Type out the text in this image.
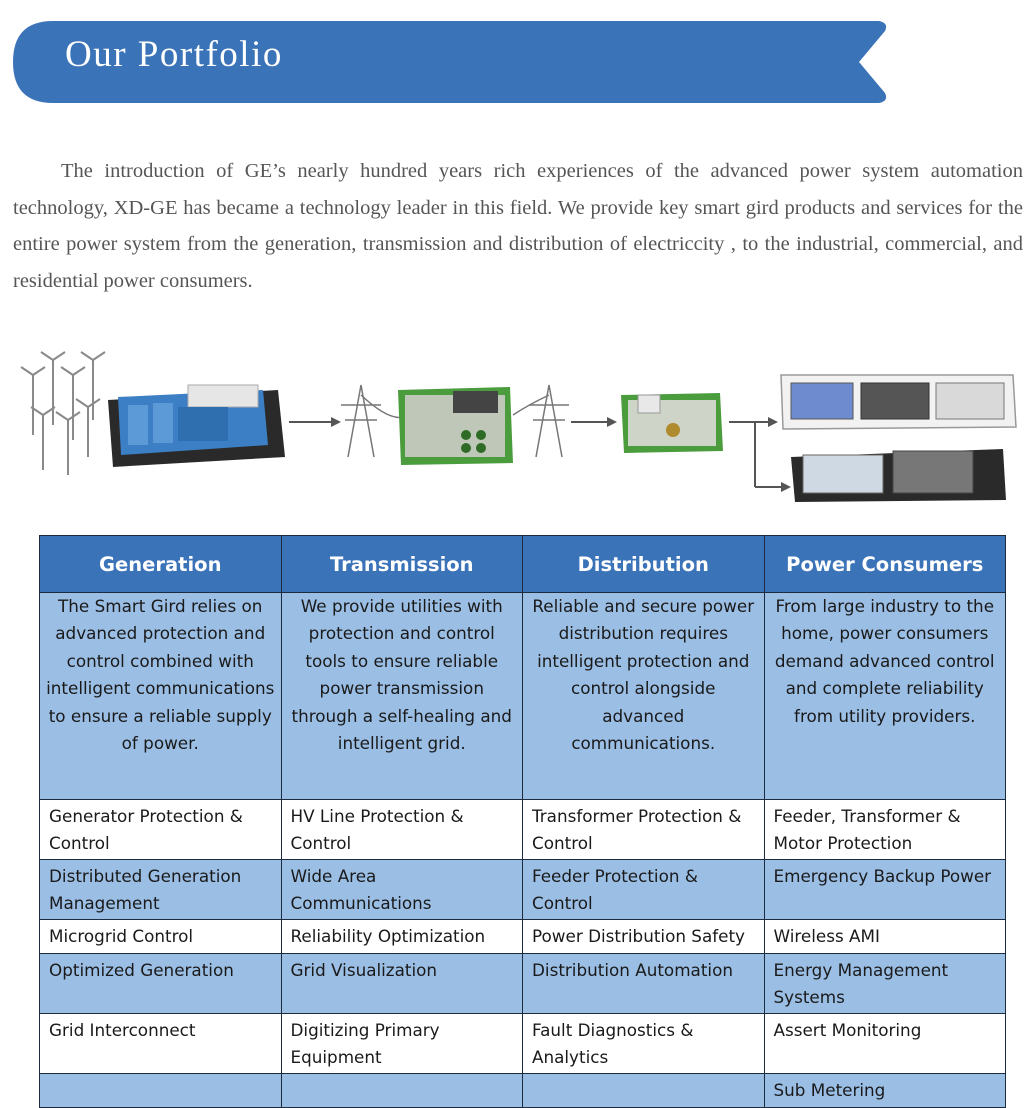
Our Portfolio

The introduction of GE’s nearly hundred years rich experiences of the advanced power system automation technology, XD-GE has became a technology leader in this field. We provide key smart gird products and services for the entire power system from the generation, transmission and distribution of electriccity , to the industrial, commercial, and residential power consumers.

Generation	Transmission	Distribution	Power Consumers

The Smart Gird relies on advanced protection and control combined with intelligent communications to ensure a reliable supply of power.	We provide utilities with protection and control tools to ensure reliable power transmission through a self-healing and intelligent grid.	Reliable and secure power distribution requires intelligent protection and control alongside advanced communications.	From large industry to the home, power consumers demand advanced control and complete reliability from utility providers.

Generator Protection & Control	HV Line Protection & Control	Transformer Protection & Control	Feeder, Transformer & Motor Protection
Distributed Generation Management	Wide Area Communications	Feeder Protection & Control	Emergency Backup Power
Microgrid Control	Reliability Optimization	Power Distribution Safety	Wireless AMI
Optimized Generation	Grid Visualization	Distribution Automation	Energy Management Systems
Grid Interconnect	Digitizing Primary Equipment	Fault Diagnostics & Analytics	Assert Monitoring
			Sub Metering
